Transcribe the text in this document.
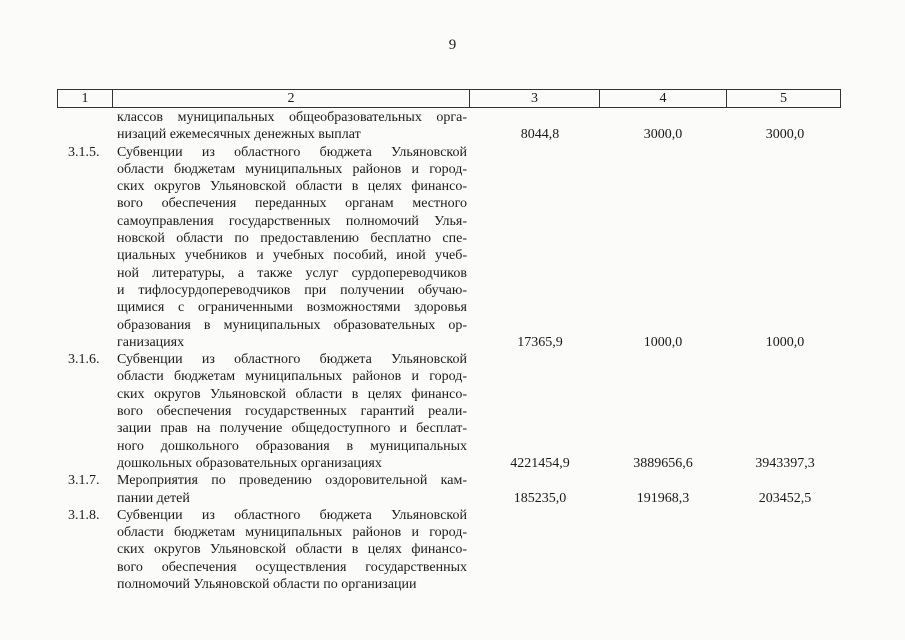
9
1	2	3	4	5
классов муниципальных общеобразовательных орга-
низаций ежемесячных денежных выплат	8044,8	3000,0	3000,0
3.1.5. Субвенции из областного бюджета Ульяновской
области бюджетам муниципальных районов и город-
ских округов Ульяновской области в целях финансо-
вого обеспечения переданных органам местного
самоуправления государственных полномочий Улья-
новской области по предоставлению бесплатно спе-
циальных учебников и учебных пособий, иной учеб-
ной литературы, а также услуг сурдопереводчиков
и тифлосурдопереводчиков при получении обучаю-
щимися с ограниченными возможностями здоровья
образования в муниципальных образовательных ор-
ганизациях	17365,9	1000,0	1000,0
3.1.6. Субвенции из областного бюджета Ульяновской
области бюджетам муниципальных районов и город-
ских округов Ульяновской области в целях финансо-
вого обеспечения государственных гарантий реали-
зации прав на получение общедоступного и бесплат-
ного дошкольного образования в муниципальных
дошкольных образовательных организациях	4221454,9	3889656,6	3943397,3
3.1.7. Мероприятия по проведению оздоровительной кам-
пании детей	185235,0	191968,3	203452,5
3.1.8. Субвенции из областного бюджета Ульяновской
области бюджетам муниципальных районов и город-
ских округов Ульяновской области в целях финансо-
вого обеспечения осуществления государственных
полномочий Ульяновской области по организации
